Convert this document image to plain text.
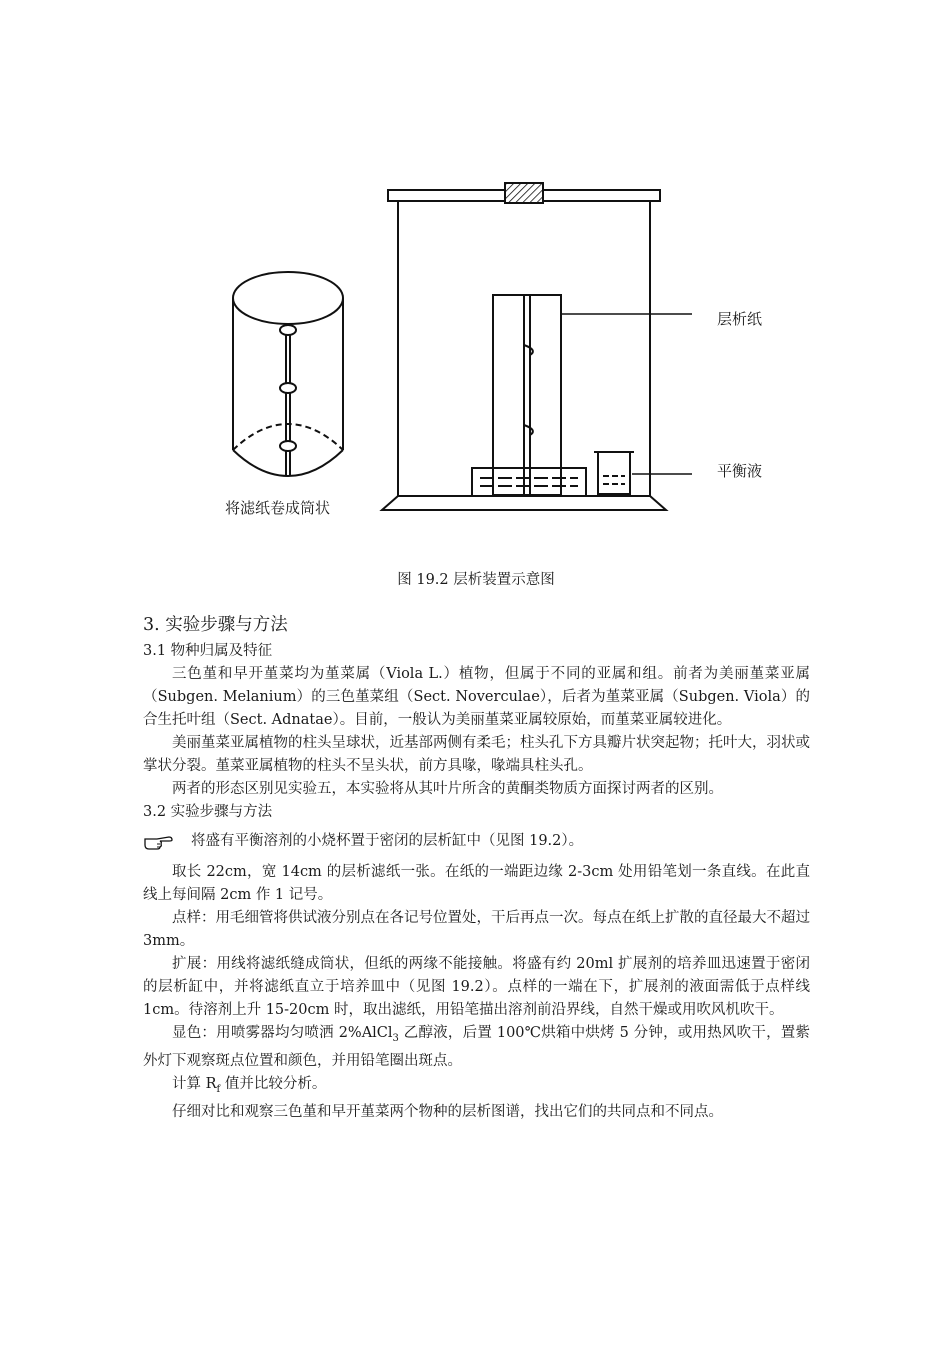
层析纸
平衡液
将滤纸卷成筒状
图 19.2 层析装置示意图
3. 实验步骤与方法
3.1 物种归属及特征

三色堇和早开堇菜均为堇菜属（Viola L.）植物，但属于不同的亚属和组。前者为美丽堇菜亚属（Subgen. Melanium）的三色堇菜组（Sect. Noverculae），后者为堇菜亚属（Subgen. Viola）的合生托叶组（Sect. Adnatae）。目前，一般认为美丽堇菜亚属较原始，而堇菜亚属较进化。

美丽堇菜亚属植物的柱头呈球状，近基部两侧有柔毛；柱头孔下方具瓣片状突起物；托叶大，羽状或掌状分裂。堇菜亚属植物的柱头不呈头状，前方具喙，喙端具柱头孔。

两者的形态区别见实验五，本实验将从其叶片所含的黄酮类物质方面探讨两者的区别。

3.2 实验步骤与方法
将盛有平衡溶剂的小烧杯置于密闭的层析缸中（见图 19.2）。

取长 22cm，宽 14cm 的层析滤纸一张。在纸的一端距边缘 2-3cm 处用铅笔划一条直线。在此直线上每间隔 2cm 作 1 记号。

点样：用毛细管将供试液分别点在各记号位置处，干后再点一次。每点在纸上扩散的直径最大不超过 3mm。

扩展：用线将滤纸缝成筒状，但纸的两缘不能接触。将盛有约 20ml 扩展剂的培养皿迅速置于密闭的层析缸中，并将滤纸直立于培养皿中（见图 19.2）。点样的一端在下，扩展剂的液面需低于点样线 1cm。待溶剂上升 15-20cm 时，取出滤纸，用铅笔描出溶剂前沿界线，自然干燥或用吹风机吹干。

显色：用喷雾器均匀喷洒 2%AlCl$_3$ 乙醇液，后置 100℃烘箱中烘烤 5 分钟，或用热风吹干，置紫外灯下观察斑点位置和颜色，并用铅笔圈出斑点。

计算 $R_f$ 值并比较分析。

仔细对比和观察三色堇和早开堇菜两个物种的层析图谱，找出它们的共同点和不同点。
